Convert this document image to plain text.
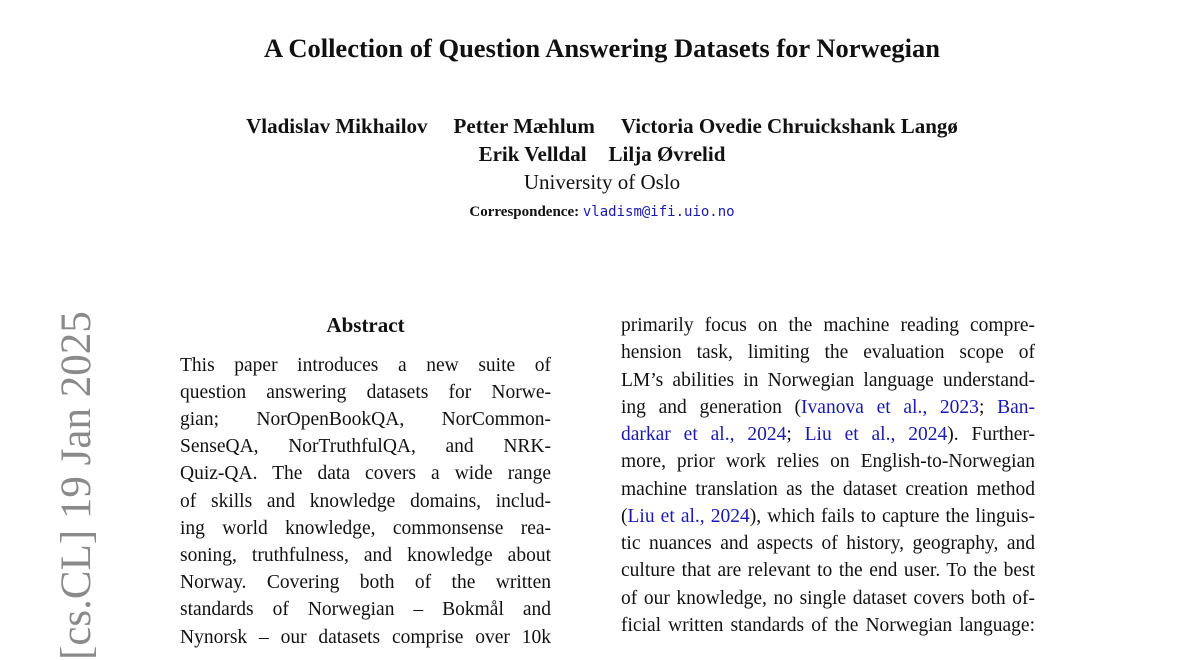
A Collection of Question Answering Datasets for Norwegian
Vladislav Mikhailov Petter Mæhlum Victoria Ovedie Chruickshank Langø
Erik Velldal Lilja Øvrelid
University of Oslo
Correspondence: vladism@ifi.uio.no
Abstract
This paper introduces a new suite of
question answering datasets for Norwe-
gian; NorOpenBookQA, NorCommon-
SenseQA, NorTruthfulQA, and NRK-
Quiz-QA. The data covers a wide range
of skills and knowledge domains, includ-
ing world knowledge, commonsense rea-
soning, truthfulness, and knowledge about
Norway. Covering both of the written
standards of Norwegian – Bokmål and
Nynorsk – our datasets comprise over 10k
primarily focus on the machine reading compre-
hension task, limiting the evaluation scope of
LM’s abilities in Norwegian language understand-
ing and generation (Ivanova et al., 2023; Ban-
darkar et al., 2024; Liu et al., 2024). Further-
more, prior work relies on English-to-Norwegian
machine translation as the dataset creation method
(Liu et al., 2024), which fails to capture the linguis-
tic nuances and aspects of history, geography, and
culture that are relevant to the end user. To the best
of our knowledge, no single dataset covers both of-
ficial written standards of the Norwegian language:
[cs.CL] 19 Jan 2025
